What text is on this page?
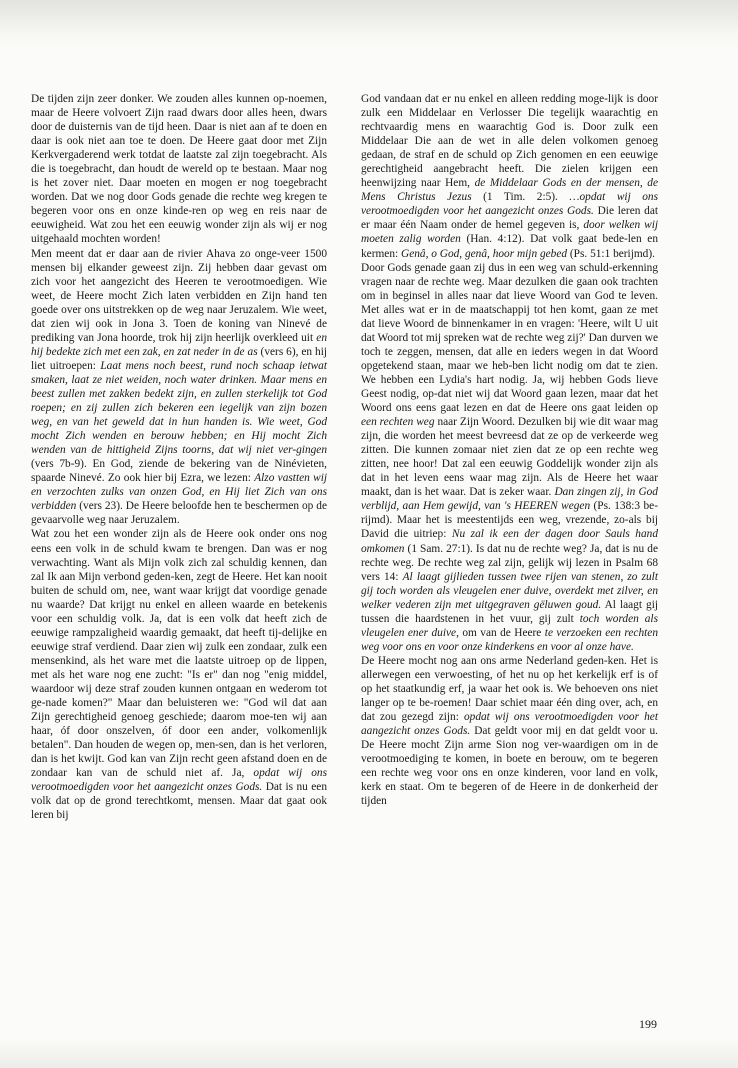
De tijden zijn zeer donker. We zouden alles kunnen op-noemen, maar de Heere volvoert Zijn raad dwars door alles heen, dwars door de duisternis van de tijd heen. Daar is niet aan af te doen en daar is ook niet aan toe te doen. De Heere gaat door met Zijn Kerkvergaderend werk totdat de laatste zal zijn toegebracht. Als die is toegebracht, dan houdt de wereld op te bestaan. Maar nog is het zover niet. Daar moeten en mogen er nog toegebracht worden. Dat we nog door Gods genade die rechte weg kregen te begeren voor ons en onze kinde-ren op weg en reis naar de eeuwigheid. Wat zou het een eeuwig wonder zijn als wij er nog uitgehaald mochten worden!

Men meent dat er daar aan de rivier Ahava zo onge-veer 1500 mensen bij elkander geweest zijn. Zij hebben daar gevast om zich voor het aangezicht des Heeren te verootmoedigen. Wie weet, de Heere mocht Zich laten verbidden en Zijn hand ten goede over ons uitstrekken op de weg naar Jeruzalem. Wie weet, dat zien wij ook in Jona 3. Toen de koning van Ninevé de prediking van Jona hoorde, trok hij zijn heerlijk overkleed uit en hij bedekte zich met een zak, en zat neder in de as (vers 6), en hij liet uitroepen: Laat mens noch beest, rund noch schaap ietwat smaken, laat ze niet weiden, noch water drinken. Maar mens en beest zullen met zakken bedekt zijn, en zullen sterkelijk tot God roepen; en zij zullen zich bekeren een iegelijk van zijn bozen weg, en van het geweld dat in hun handen is. Wie weet, God mocht Zich wenden en berouw hebben; en Hij mocht Zich wenden van de hittigheid Zijns toorns, dat wij niet ver-gingen (vers 7b-9). En God, ziende de bekering van de Ninévieten, spaarde Ninevé. Zo ook hier bij Ezra, we lezen: Alzo vastten wij en verzochten zulks van onzen God, en Hij liet Zich van ons verbidden (vers 23). De Heere beloofde hen te beschermen op de gevaarvolle weg naar Jeruzalem.

Wat zou het een wonder zijn als de Heere ook onder ons nog eens een volk in de schuld kwam te brengen. Dan was er nog verwachting. Want als Mijn volk zich zal schuldig kennen, dan zal Ik aan Mijn verbond geden-ken, zegt de Heere. Het kan nooit buiten de schuld om, nee, want waar krijgt dat voordige genade nu waarde? Dat krijgt nu enkel en alleen waarde en betekenis voor een schuldig volk. Ja, dat is een volk dat heeft zich de eeuwige rampzaligheid waardig gemaakt, dat heeft tij-delijke en eeuwige straf verdiend. Daar zien wij zulk een zondaar, zulk een mensenkind, als het ware met die laatste uitroep op de lippen, met als het ware nog ene zucht: "Is er" dan nog "enig middel, waardoor wij deze straf zouden kunnen ontgaan en wederom tot ge-nade komen?" Maar dan beluisteren we: "God wil dat aan Zijn gerechtigheid genoeg geschiede; daarom moe-ten wij aan haar, óf door onszelven, óf door een ander, volkomenlijk betalen". Dan houden de wegen op, men-sen, dan is het verloren, dan is het kwijt. God kan van Zijn recht geen afstand doen en de zondaar kan van de schuld niet af. Ja, opdat wij ons verootmoedigden voor het aangezicht onzes Gods. Dat is nu een volk dat op de grond terechtkomt, mensen. Maar dat gaat ook leren bij

God vandaan dat er nu enkel en alleen redding moge-lijk is door zulk een Middelaar en Verlosser Die tegelijk waarachtig en rechtvaardig mens en waarachtig God is. Door zulk een Middelaar Die aan de wet in alle delen volkomen genoeg gedaan, de straf en de schuld op Zich genomen en een eeuwige gerechtigheid aangebracht heeft. Die zielen krijgen een heenwijzing naar Hem, de Middelaar Gods en der mensen, de Mens Christus Jezus (1 Tim. 2:5). …opdat wij ons verootmoedigden voor het aangezicht onzes Gods. Die leren dat er maar één Naam onder de hemel gegeven is, door welken wij moeten zalig worden (Han. 4:12). Dat volk gaat bede-len en kermen: Genâ, o God, genâ, hoor mijn gebed (Ps. 51:1 berijmd).

Door Gods genade gaan zij dus in een weg van schuld-erkenning vragen naar de rechte weg. Maar dezulken die gaan ook trachten om in beginsel in alles naar dat lieve Woord van God te leven. Met alles wat er in de maatschappij tot hen komt, gaan ze met dat lieve Woord de binnenkamer in en vragen: 'Heere, wilt U uit dat Woord tot mij spreken wat de rechte weg zij?' Dan durven we toch te zeggen, mensen, dat alle en ieders wegen in dat Woord opgetekend staan, maar we heb-ben licht nodig om dat te zien. We hebben een Lydia's hart nodig. Ja, wij hebben Gods lieve Geest nodig, op-dat niet wij dat Woord gaan lezen, maar dat het Woord ons eens gaat lezen en dat de Heere ons gaat leiden op een rechten weg naar Zijn Woord. Dezulken bij wie dit waar mag zijn, die worden het meest bevreesd dat ze op de verkeerde weg zitten. Die kunnen zomaar niet zien dat ze op een rechte weg zitten, nee hoor! Dat zal een eeuwig Goddelijk wonder zijn als dat in het leven eens waar mag zijn. Als de Heere het waar maakt, dan is het waar. Dat is zeker waar. Dan zingen zij, in God verblijd, aan Hem gewijd, van 's HEEREN wegen (Ps. 138:3 be-rijmd). Maar het is meestentijds een weg, vrezende, zo-als bij David die uitriep: Nu zal ik een der dagen door Sauls hand omkomen (1 Sam. 27:1). Is dat nu de rechte weg? Ja, dat is nu de rechte weg. De rechte weg zal zijn, gelijk wij lezen in Psalm 68 vers 14: Al laagt gijlieden tussen twee rijen van stenen, zo zult gij toch worden als vleugelen ener duive, overdekt met zilver, en welker vederen zijn met uitgegraven gëluwen goud. Al laagt gij tussen die haardstenen in het vuur, gij zult toch worden als vleugelen ener duive, om van de Heere te verzoeken een rechten weg voor ons en voor onze kinderkens en voor al onze have.

De Heere mocht nog aan ons arme Nederland geden-ken. Het is allerwegen een verwoesting, of het nu op het kerkelijk erf is of op het staatkundig erf, ja waar het ook is. We behoeven ons niet langer op te be-roemen! Daar schiet maar één ding over, ach, en dat zou gezegd zijn: opdat wij ons verootmoedigden voor het aangezicht onzes Gods. Dat geldt voor mij en dat geldt voor u. De Heere mocht Zijn arme Sion nog ver-waardigen om in de verootmoediging te komen, in boete en berouw, om te begeren een rechte weg voor ons en onze kinderen, voor land en volk, kerk en staat. Om te begeren of de Heere in de donkerheid der tijden

199
